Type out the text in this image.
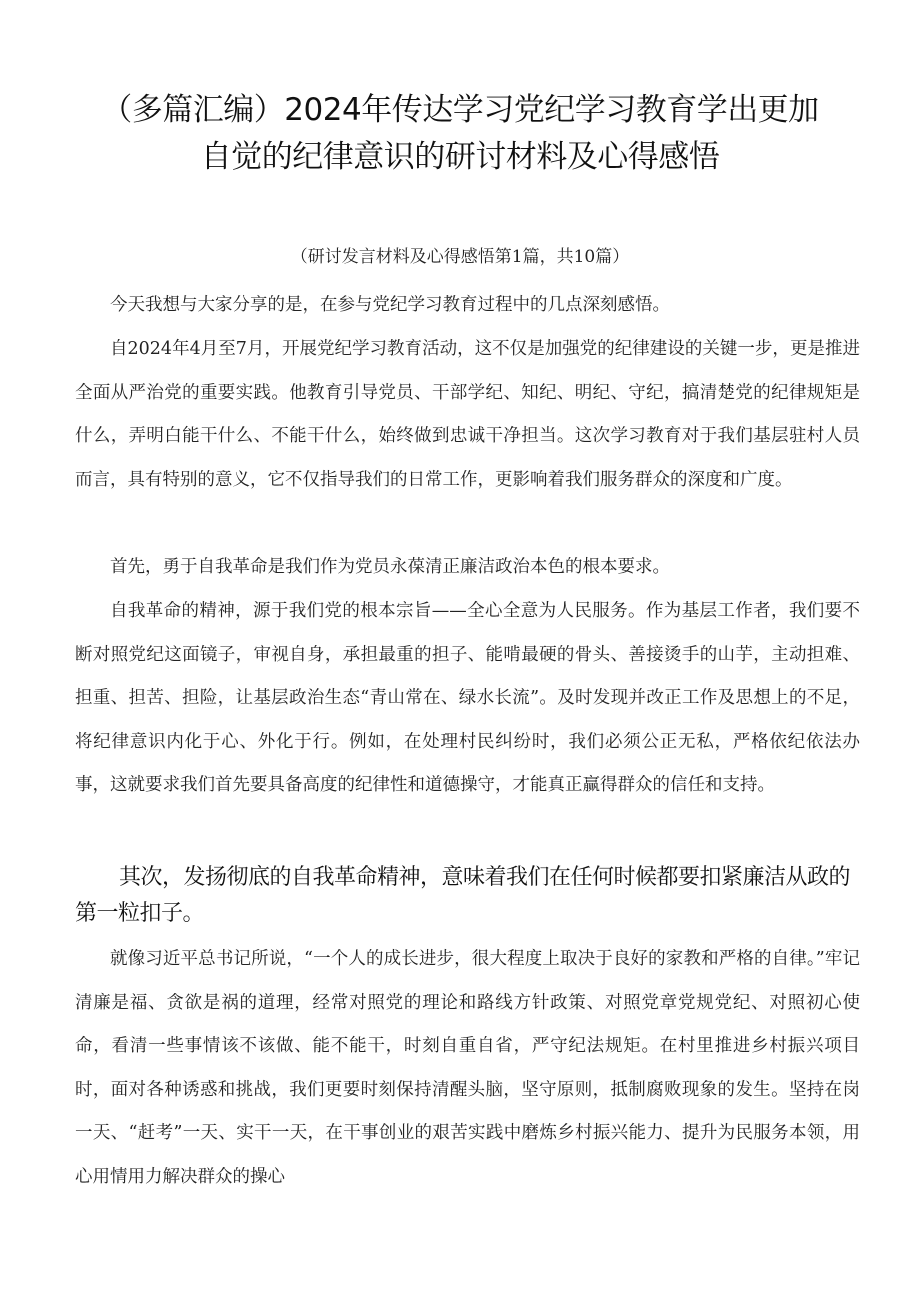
（多篇汇编）2024年传达学习党纪学习教育学出更加
自觉的纪律意识的研讨材料及心得感悟
（研讨发言材料及心得感悟第1篇，共10篇）

今天我想与大家分享的是，在参与党纪学习教育过程中的几点深刻感悟。

自2024年4月至7月，开展党纪学习教育活动，这不仅是加强党的纪律建设的关键一步，更是推进全面从严治党的重要实践。他教育引导党员、干部学纪、知纪、明纪、守纪，搞清楚党的纪律规矩是什么，弄明白能干什么、不能干什么，始终做到忠诚干净担当。这次学习教育对于我们基层驻村人员而言，具有特别的意义，它不仅指导我们的日常工作，更影响着我们服务群众的深度和广度。

首先，勇于自我革命是我们作为党员永葆清正廉洁政治本色的根本要求。

自我革命的精神，源于我们党的根本宗旨——全心全意为人民服务。作为基层工作者，我们要不断对照党纪这面镜子，审视自身，承担最重的担子、能啃最硬的骨头、善接烫手的山芋，主动担难、担重、担苦、担险，让基层政治生态“青山常在、绿水长流”。及时发现并改正工作及思想上的不足，将纪律意识内化于心、外化于行。例如，在处理村民纠纷时，我们必须公正无私，严格依纪依法办事，这就要求我们首先要具备高度的纪律性和道德操守，才能真正赢得群众的信任和支持。

其次，发扬彻底的自我革命精神，意味着我们在任何时候都要扣紧廉洁从政的第一粒扣子。

就像习近平总书记所说，“一个人的成长进步，很大程度上取决于良好的家教和严格的自律。”牢记清廉是福、贪欲是祸的道理，经常对照党的理论和路线方针政策、对照党章党规党纪、对照初心使命，看清一些事情该不该做、能不能干，时刻自重自省，严守纪法规矩。在村里推进乡村振兴项目时，面对各种诱惑和挑战，我们更要时刻保持清醒头脑，坚守原则，抵制腐败现象的发生。坚持在岗一天、“赶考”一天、实干一天，在干事创业的艰苦实践中磨炼乡村振兴能力、提升为民服务本领，用心用情用力解决群众的操心
